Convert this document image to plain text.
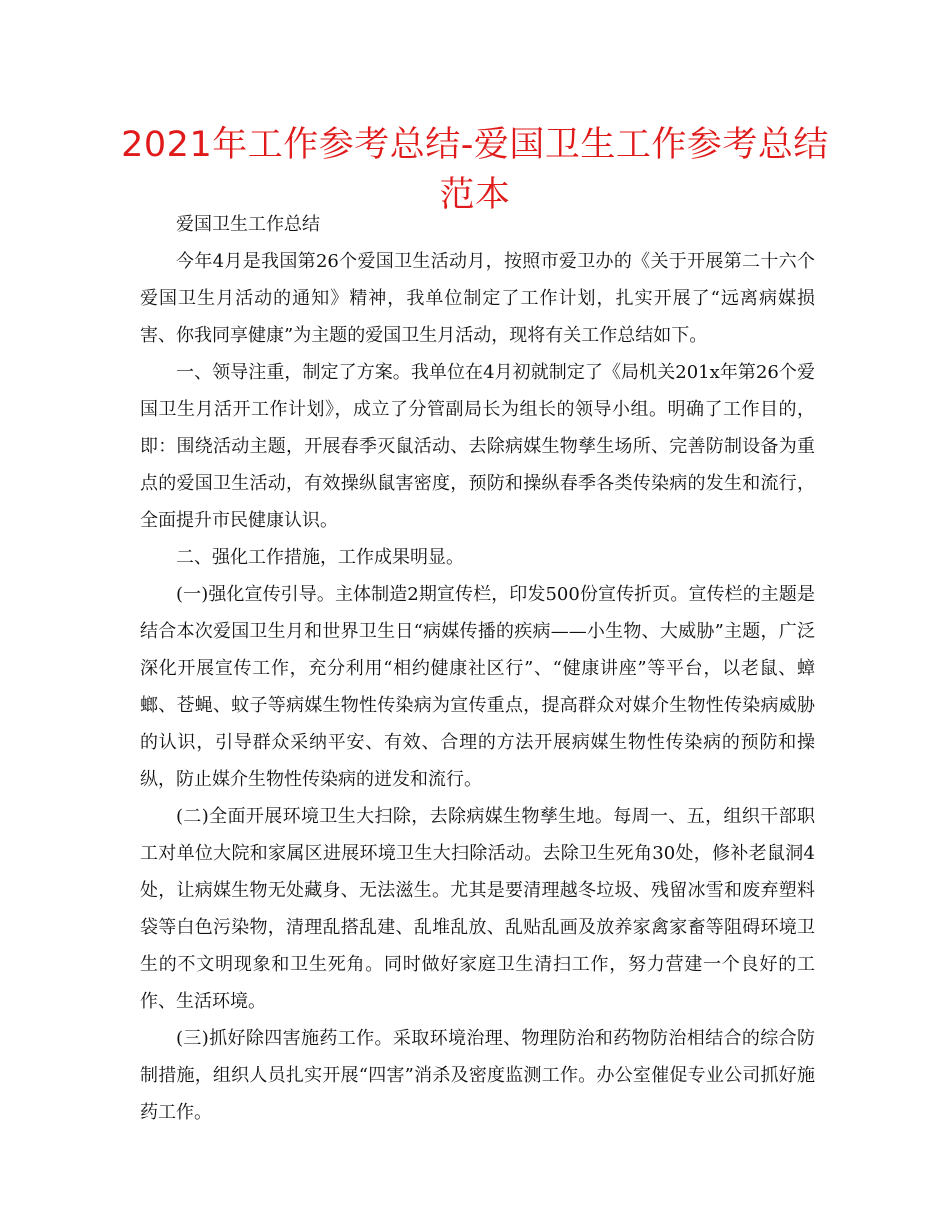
2021年工作参考总结-爱国卫生工作参考总结范本

爱国卫生工作总结

今年4月是我国第26个爱国卫生活动月，按照市爱卫办的《关于开展第二十六个爱国卫生月活动的通知》精神，我单位制定了工作计划，扎实开展了“远离病媒损害、你我同享健康”为主题的爱国卫生月活动，现将有关工作总结如下。

一、领导注重，制定了方案。我单位在4月初就制定了《局机关201x年第26个爱国卫生月活开工作计划》，成立了分管副局长为组长的领导小组。明确了工作目的，即：围绕活动主题，开展春季灭鼠活动、去除病媒生物孳生场所、完善防制设备为重点的爱国卫生活动，有效操纵鼠害密度，预防和操纵春季各类传染病的发生和流行，全面提升市民健康认识。

二、强化工作措施，工作成果明显。

(一)强化宣传引导。主体制造2期宣传栏，印发500份宣传折页。宣传栏的主题是结合本次爱国卫生月和世界卫生日“病媒传播的疾病——小生物、大威胁”主题，广泛深化开展宣传工作，充分利用“相约健康社区行”、“健康讲座”等平台，以老鼠、蟑螂、苍蝇、蚊子等病媒生物性传染病为宣传重点，提高群众对媒介生物性传染病威胁的认识，引导群众采纳平安、有效、合理的方法开展病媒生物性传染病的预防和操纵，防止媒介生物性传染病的迸发和流行。

(二)全面开展环境卫生大扫除，去除病媒生物孳生地。每周一、五，组织干部职工对单位大院和家属区进展环境卫生大扫除活动。去除卫生死角30处，修补老鼠洞4处，让病媒生物无处藏身、无法滋生。尤其是要清理越冬垃圾、残留冰雪和废弃塑料袋等白色污染物，清理乱搭乱建、乱堆乱放、乱贴乱画及放养家禽家畜等阻碍环境卫生的不文明现象和卫生死角。同时做好家庭卫生清扫工作，努力营建一个良好的工作、生活环境。

(三)抓好除四害施药工作。采取环境治理、物理防治和药物防治相结合的综合防制措施，组织人员扎实开展“四害”消杀及密度监测工作。办公室催促专业公司抓好施药工作。
